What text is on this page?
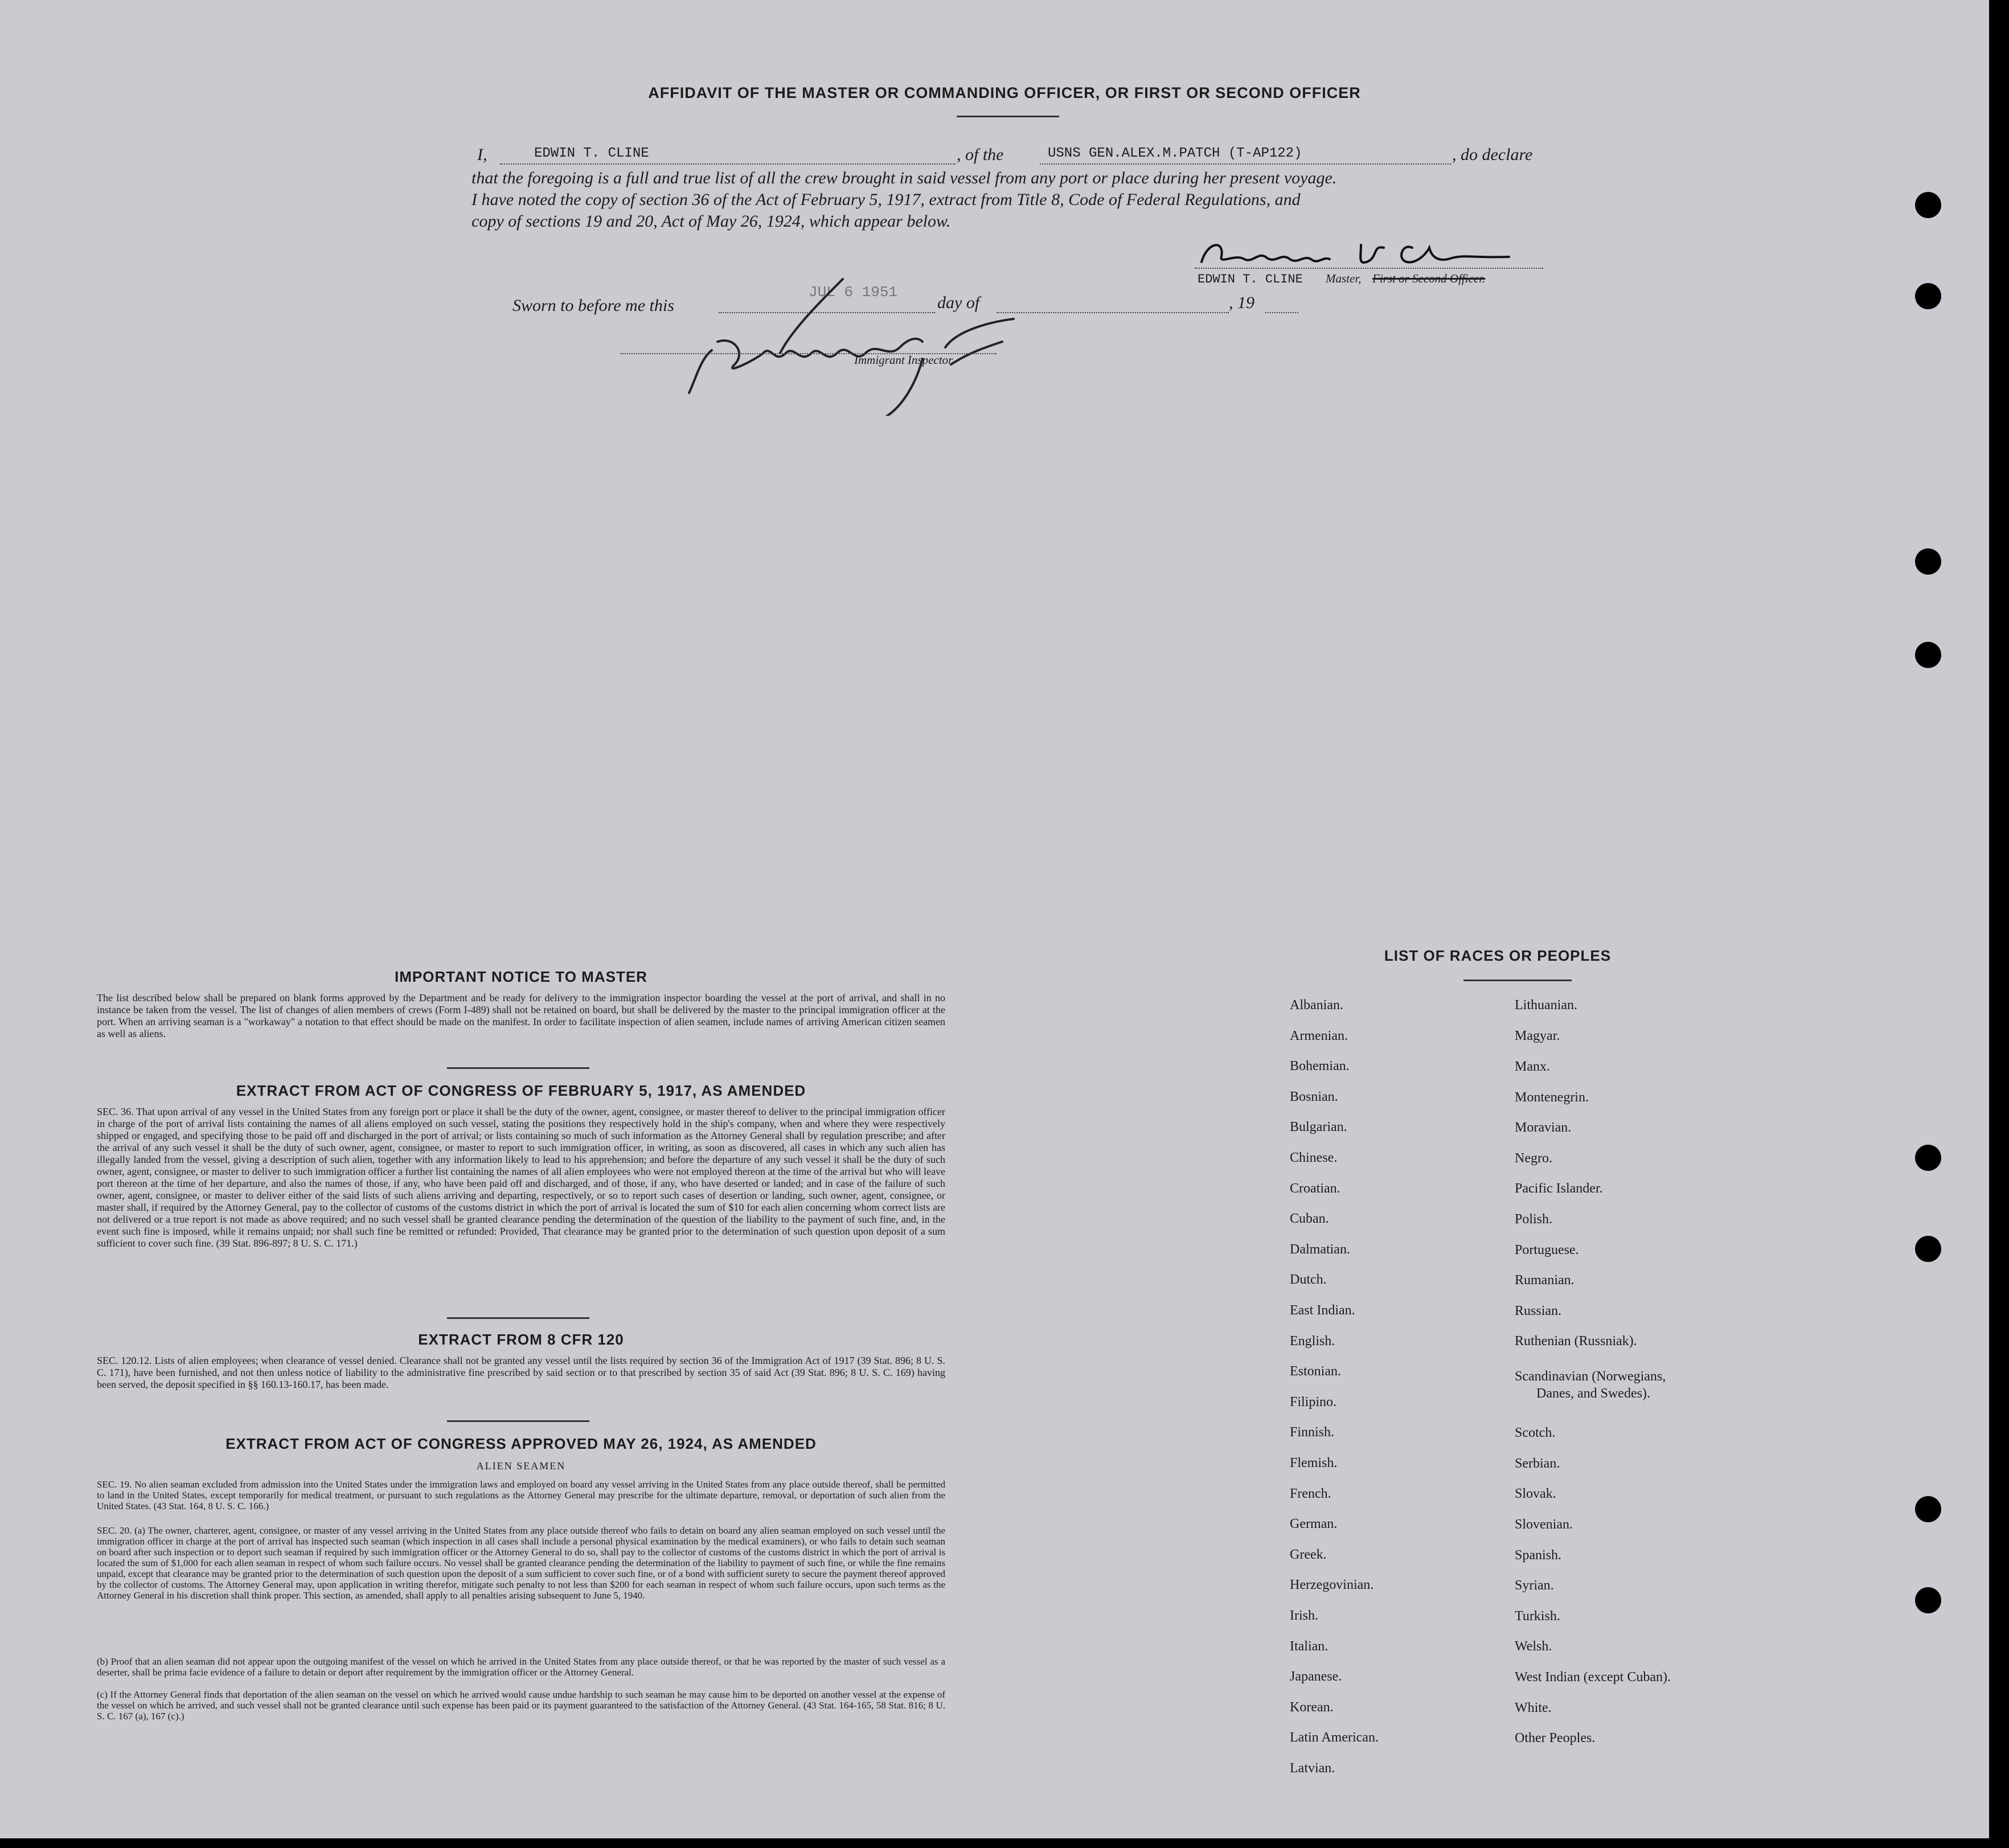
AFFIDAVIT OF THE MASTER OR COMMANDING OFFICER, OR FIRST OR SECOND OFFICER
I,	EDWIN T. CLINE	, of the	USNS GEN.ALEX.M.PATCH (T-AP122)	, do declare
that the foregoing is a full and true list of all the crew brought in said vessel from any port or place during her present voyage.
I have noted the copy of section 36 of the Act of February 5, 1917, extract from Title 8, Code of Federal Regulations, and
copy of sections 19 and 20, Act of May 26, 1924, which appear below.
EDWIN T. CLINE Master, First or Second Officer.
Sworn to before me this
JUL 6 1951
day of	, 19
Immigrant Inspector.
IMPORTANT NOTICE TO MASTER
The list described below shall be prepared on blank forms approved by the Department and be ready for delivery to the immigration inspector boarding the vessel at the port of arrival, and shall in no instance be taken from the vessel. The list of changes of alien members of crews (Form I-489) shall not be retained on board, but shall be delivered by the master to the principal immigration officer at the port. When an arriving seaman is a "workaway" a notation to that effect should be made on the manifest. In order to facilitate inspection of alien seamen, include names of arriving American citizen seamen as well as aliens.
EXTRACT FROM ACT OF CONGRESS OF FEBRUARY 5, 1917, AS AMENDED
SEC. 36. That upon arrival of any vessel in the United States from any foreign port or place it shall be the duty of the owner, agent, consignee, or master thereof to deliver to the principal immigration officer in charge of the port of arrival lists containing the names of all aliens employed on such vessel, stating the positions they respectively hold in the ship's company, when and where they were respectively shipped or engaged, and specifying those to be paid off and discharged in the port of arrival; or lists containing so much of such information as the Attorney General shall by regulation prescribe; and after the arrival of any such vessel it shall be the duty of such owner, agent, consignee, or master to report to such immigration officer, in writing, as soon as discovered, all cases in which any such alien has illegally landed from the vessel, giving a description of such alien, together with any information likely to lead to his apprehension; and before the departure of any such vessel it shall be the duty of such owner, agent, consignee, or master to deliver to such immigration officer a further list containing the names of all alien employees who were not employed thereon at the time of the arrival but who will leave port thereon at the time of her departure, and also the names of those, if any, who have been paid off and discharged, and of those, if any, who have deserted or landed; and in case of the failure of such owner, agent, consignee, or master to deliver either of the said lists of such aliens arriving and departing, respectively, or so to report such cases of desertion or landing, such owner, agent, consignee, or master shall, if required by the Attorney General, pay to the collector of customs of the customs district in which the port of arrival is located the sum of $10 for each alien concerning whom correct lists are not delivered or a true report is not made as above required; and no such vessel shall be granted clearance pending the determination of the question of the liability to the payment of such fine, and, in the event such fine is imposed, while it remains unpaid; nor shall such fine be remitted or refunded: Provided, That clearance may be granted prior to the determination of such question upon deposit of a sum sufficient to cover such fine. (39 Stat. 896-897; 8 U. S. C. 171.)
EXTRACT FROM 8 CFR 120
SEC. 120.12. Lists of alien employees; when clearance of vessel denied. Clearance shall not be granted any vessel until the lists required by section 36 of the Immigration Act of 1917 (39 Stat. 896; 8 U. S. C. 171), have been furnished, and not then unless notice of liability to the administrative fine prescribed by said section or to that prescribed by section 35 of said Act (39 Stat. 896; 8 U. S. C. 169) having been served, the deposit specified in §§ 160.13-160.17, has been made.
EXTRACT FROM ACT OF CONGRESS APPROVED MAY 26, 1924, AS AMENDED
ALIEN SEAMEN
SEC. 19. No alien seaman excluded from admission into the United States under the immigration laws and employed on board any vessel arriving in the United States from any place outside thereof, shall be permitted to land in the United States, except temporarily for medical treatment, or pursuant to such regulations as the Attorney General may prescribe for the ultimate departure, removal, or deportation of such alien from the United States. (43 Stat. 164, 8 U. S. C. 166.)
SEC. 20. (a) The owner, charterer, agent, consignee, or master of any vessel arriving in the United States from any place outside thereof who fails to detain on board any alien seaman employed on such vessel until the immigration officer in charge at the port of arrival has inspected such seaman (which inspection in all cases shall include a personal physical examination by the medical examiners), or who fails to detain such seaman on board after such inspection or to deport such seaman if required by such immigration officer or the Attorney General to do so, shall pay to the collector of customs of the customs district in which the port of arrival is located the sum of $1,000 for each alien seaman in respect of whom such failure occurs. No vessel shall be granted clearance pending the determination of the liability to payment of such fine, or while the fine remains unpaid, except that clearance may be granted prior to the determination of such question upon the deposit of a sum sufficient to cover such fine, or of a bond with sufficient surety to secure the payment thereof approved by the collector of customs. The Attorney General may, upon application in writing therefor, mitigate such penalty to not less than $200 for each seaman in respect of whom such failure occurs, upon such terms as the Attorney General in his discretion shall think proper. This section, as amended, shall apply to all penalties arising subsequent to June 5, 1940.
(b) Proof that an alien seaman did not appear upon the outgoing manifest of the vessel on which he arrived in the United States from any place outside thereof, or that he was reported by the master of such vessel as a deserter, shall be prima facie evidence of a failure to detain or deport after requirement by the immigration officer or the Attorney General.
(c) If the Attorney General finds that deportation of the alien seaman on the vessel on which he arrived would cause undue hardship to such seaman he may cause him to be deported on another vessel at the expense of the vessel on which he arrived, and such vessel shall not be granted clearance until such expense has been paid or its payment guaranteed to the satisfaction of the Attorney General. (43 Stat. 164-165, 58 Stat. 816; 8 U. S. C. 167 (a), 167 (c).)
LIST OF RACES OR PEOPLES
Albanian.
Armenian.
Bohemian.
Bosnian.
Bulgarian.
Chinese.
Croatian.
Cuban.
Dalmatian.
Dutch.
East Indian.
English.
Estonian.
Filipino.
Finnish.
Flemish.
French.
German.
Greek.
Herzegovinian.
Irish.
Italian.
Japanese.
Korean.
Latin American.
Latvian.
Lithuanian.
Magyar.
Manx.
Montenegrin.
Moravian.
Negro.
Pacific Islander.
Polish.
Portuguese.
Rumanian.
Russian.
Ruthenian (Russniak).
Scandinavian (Norwegians,
Danes, and Swedes).
Scotch.
Serbian.
Slovak.
Slovenian.
Spanish.
Syrian.
Turkish.
Welsh.
West Indian (except Cuban).
White.
Other Peoples.
